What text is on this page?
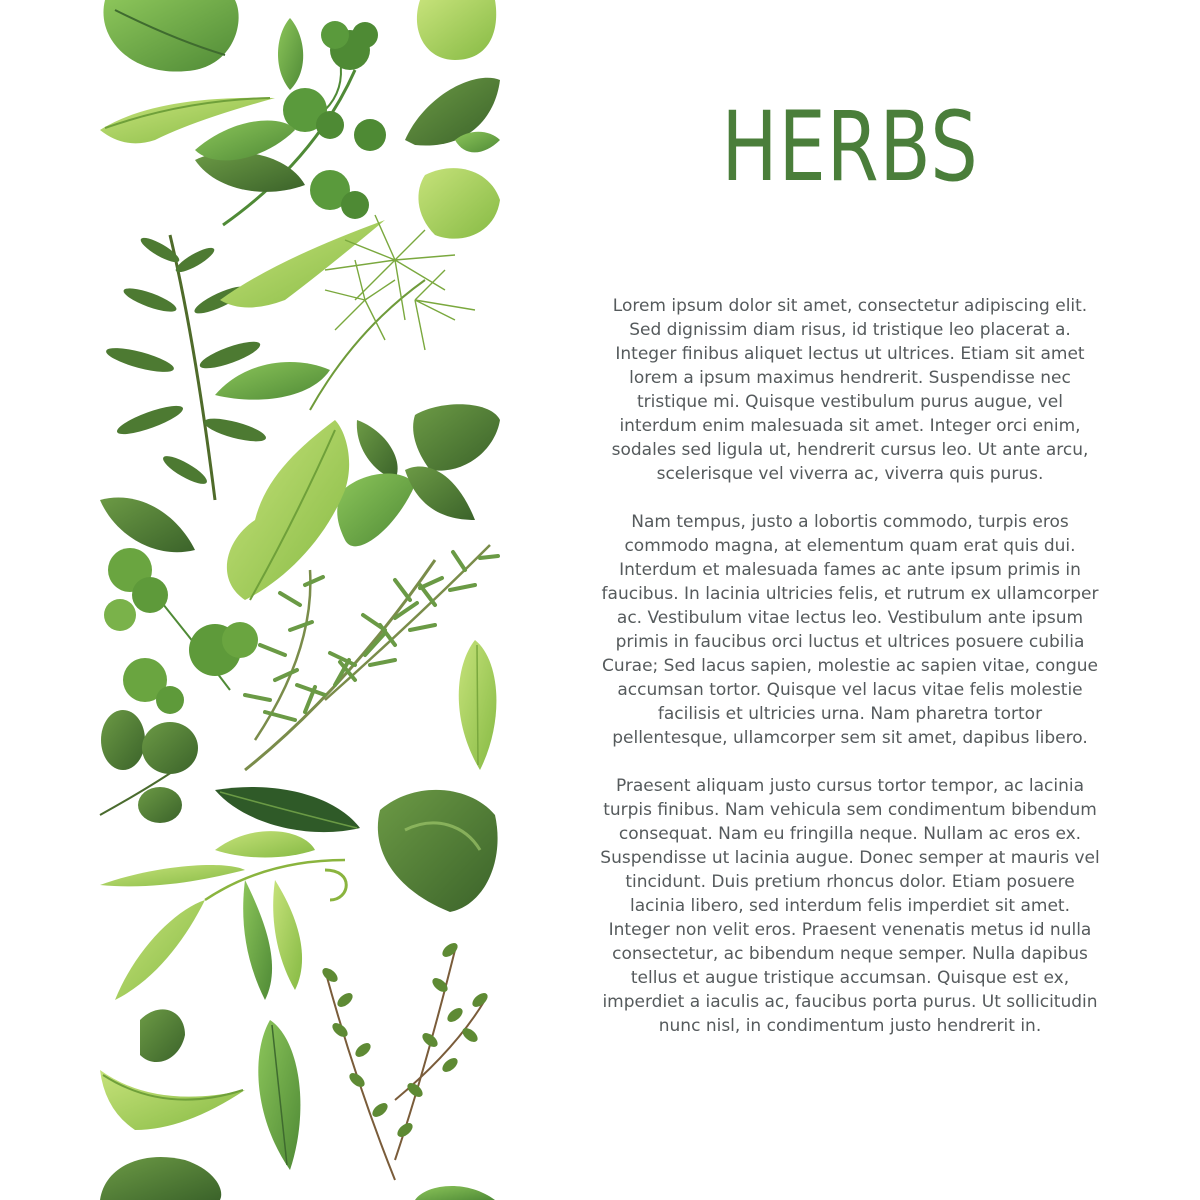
HERBS

Lorem ipsum dolor sit amet, consectetur adipiscing elit. Sed dignissim diam risus, id tristique leo placerat a. Integer finibus aliquet lectus ut ultrices. Etiam sit amet lorem a ipsum maximus hendrerit. Suspendisse nec tristique mi. Quisque vestibulum purus augue, vel interdum enim malesuada sit amet. Integer orci enim, sodales sed ligula ut, hendrerit cursus leo. Ut ante arcu, scelerisque vel viverra ac, viverra quis purus.

Nam tempus, justo a lobortis commodo, turpis eros commodo magna, at elementum quam erat quis dui. Interdum et malesuada fames ac ante ipsum primis in faucibus. In lacinia ultricies felis, et rutrum ex ullamcorper ac. Vestibulum vitae lectus leo. Vestibulum ante ipsum primis in faucibus orci luctus et ultrices posuere cubilia Curae; Sed lacus sapien, molestie ac sapien vitae, congue accumsan tortor. Quisque vel lacus vitae felis molestie facilisis et ultricies urna. Nam pharetra tortor pellentesque, ullamcorper sem sit amet, dapibus libero.

Praesent aliquam justo cursus tortor tempor, ac lacinia turpis finibus. Nam vehicula sem condimentum bibendum consequat. Nam eu fringilla neque. Nullam ac eros ex. Suspendisse ut lacinia augue. Donec semper at mauris vel tincidunt. Duis pretium rhoncus dolor. Etiam posuere lacinia libero, sed interdum felis imperdiet sit amet. Integer non velit eros. Praesent venenatis metus id nulla consectetur, ac bibendum neque semper. Nulla dapibus tellus et augue tristique accumsan. Quisque est ex, imperdiet a iaculis ac, faucibus porta purus. Ut sollicitudin nunc nisl, in condimentum justo hendrerit in.
